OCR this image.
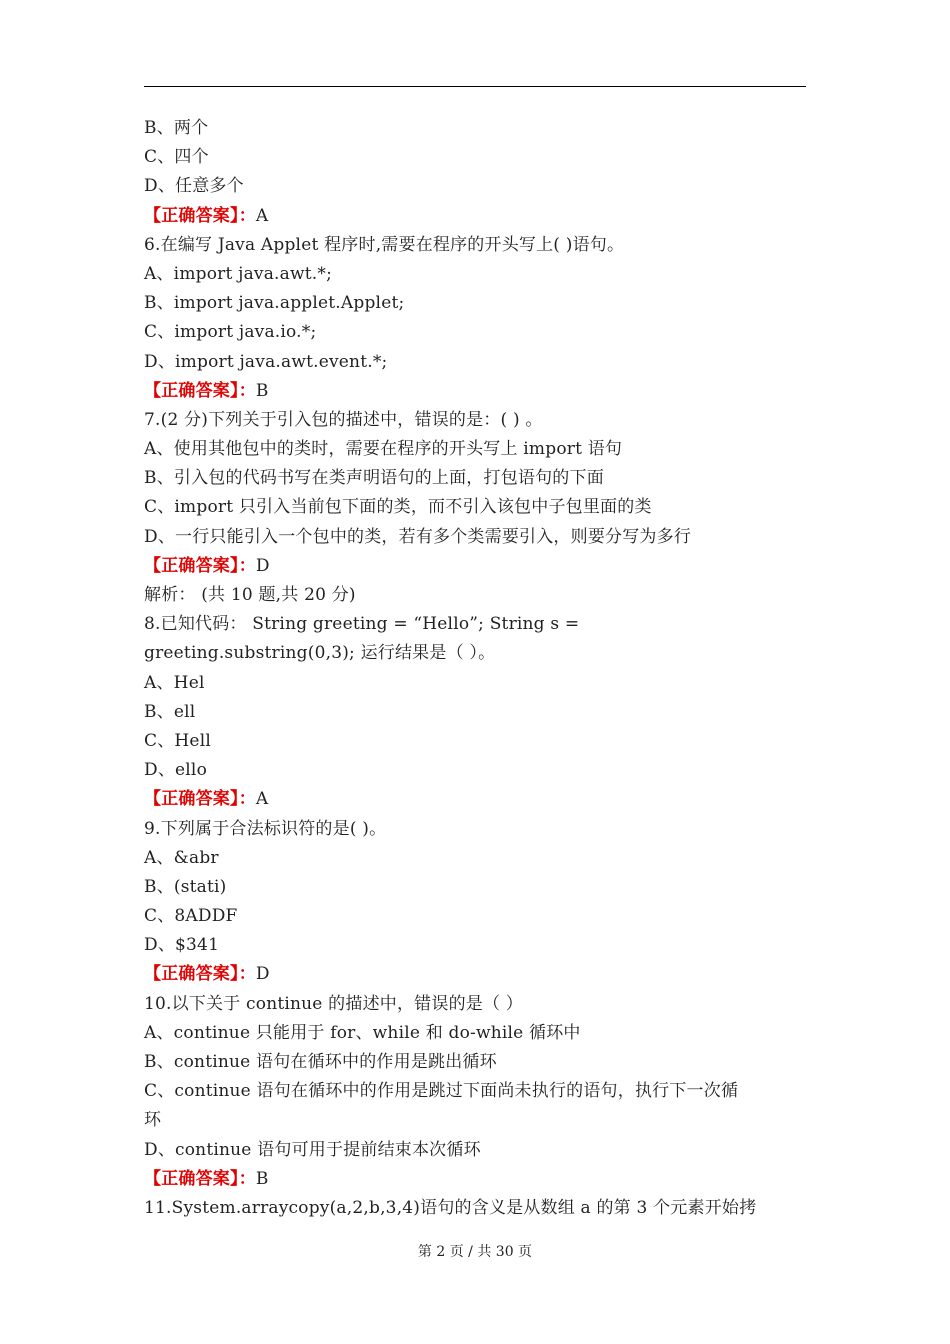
B、两个
C、四个
D、任意多个
【正确答案】：A
6.在编写 Java Applet 程序时,需要在程序的开头写上( )语句。
A、import java.awt.*;
B、import java.applet.Applet;
C、import java.io.*;
D、import java.awt.event.*;
【正确答案】：B
7.(2 分)下列关于引入包的描述中，错误的是：( ) 。
A、使用其他包中的类时，需要在程序的开头写上 import 语句
B、引入包的代码书写在类声明语句的上面，打包语句的下面
C、import 只引入当前包下面的类，而不引入该包中子包里面的类
D、一行只能引入一个包中的类，若有多个类需要引入，则要分写为多行
【正确答案】：D
解析： (共 10 题,共 20 分)
8.已知代码： String greeting = “Hello”; String s =
greeting.substring(0,3); 运行结果是（ ）。
A、Hel
B、ell
C、Hell
D、ello
【正确答案】：A
9.下列属于合法标识符的是( )。
A、&abr
B、(stati)
C、8ADDF
D、$341
【正确答案】：D
10.以下关于 continue 的描述中，错误的是（ ）
A、continue 只能用于 for、while 和 do-while 循环中
B、continue 语句在循环中的作用是跳出循环
C、continue 语句在循环中的作用是跳过下面尚未执行的语句，执行下一次循
环
D、continue 语句可用于提前结束本次循环
【正确答案】：B
11.System.arraycopy(a,2,b,3,4)语句的含义是从数组 a 的第 3 个元素开始拷
第 2 页 / 共 30 页
